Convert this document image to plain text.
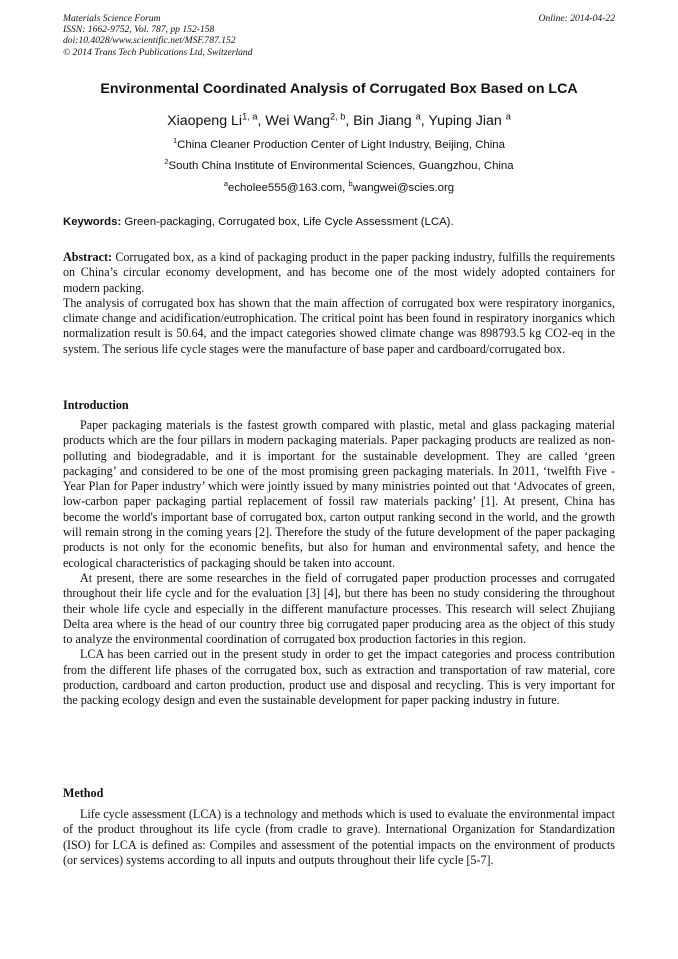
Materials Science Forum
ISSN: 1662-9752, Vol. 787, pp 152-158
doi:10.4028/www.scientific.net/MSF.787.152
© 2014 Trans Tech Publications Ltd, Switzerland
Online: 2014-04-22
Environmental Coordinated Analysis of Corrugated Box Based on LCA
Xiaopeng Li$^{1, a}$, Wei Wang$^{2, b}$, Bin Jiang $^a$, Yuping Jian $^a$
$^1$China Cleaner Production Center of Light Industry, Beijing, China
$^2$South China Institute of Environmental Sciences, Guangzhou, China
$^a$echolee555@163.com, $^b$wangwei@scies.org
Keywords: Green-packaging, Corrugated box, Life Cycle Assessment (LCA).

Abstract: Corrugated box, as a kind of packaging product in the paper packing industry, fulfills the requirements on China’s circular economy development, and has become one of the most widely adopted containers for modern packing.

The analysis of corrugated box has shown that the main affection of corrugated box were respiratory inorganics, climate change and acidification/eutrophication. The critical point has been found in respiratory inorganics which normalization result is 50.64, and the impact categories showed climate change was 898793.5 kg CO2-eq in the system. The serious life cycle stages were the manufacture of base paper and cardboard/corrugated box.

Introduction

Paper packaging materials is the fastest growth compared with plastic, metal and glass packaging material products which are the four pillars in modern packaging materials. Paper packaging products are realized as non-polluting and biodegradable, and it is important for the sustainable development. They are called ‘green packaging’ and considered to be one of the most promising green packaging materials. In 2011, ‘twelfth Five -Year Plan for Paper industry’ which were jointly issued by many ministries pointed out that ‘Advocates of green, low-carbon paper packaging partial replacement of fossil raw materials packing’ [1]. At present, China has become the world's important base of corrugated box, carton output ranking second in the world, and the growth will remain strong in the coming years [2]. Therefore the study of the future development of the paper packaging products is not only for the economic benefits, but also for human and environmental safety, and hence the ecological characteristics of packaging should be taken into account.

At present, there are some researches in the field of corrugated paper production processes and corrugated throughout their life cycle and for the evaluation [3] [4], but there has been no study considering the throughout their whole life cycle and especially in the different manufacture processes. This research will select Zhujiang Delta area where is the head of our country three big corrugated paper producing area as the object of this study to analyze the environmental coordination of corrugated box production factories in this region.

LCA has been carried out in the present study in order to get the impact categories and process contribution from the different life phases of the corrugated box, such as extraction and transportation of raw material, core production, cardboard and carton production, product use and disposal and recycling. This is very important for the packing ecology design and even the sustainable development for paper packing industry in future.

Method

Life cycle assessment (LCA) is a technology and methods which is used to evaluate the environmental impact of the product throughout its life cycle (from cradle to grave). International Organization for Standardization (ISO) for LCA is defined as: Compiles and assessment of the potential impacts on the environment of products (or services) systems according to all inputs and outputs throughout their life cycle [5-7].
